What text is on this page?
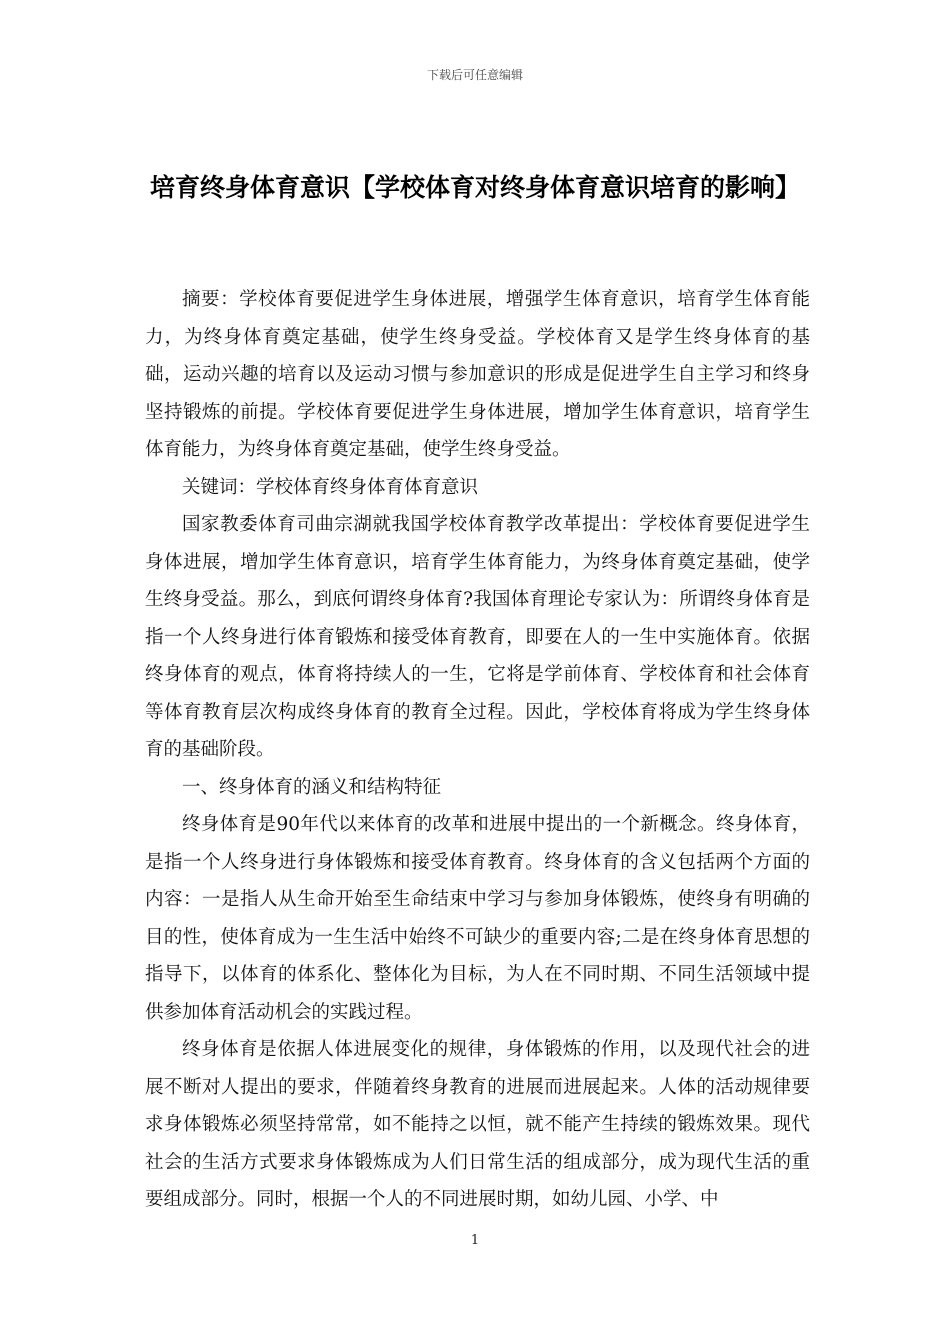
下载后可任意编辑
培育终身体育意识【学校体育对终身体育意识培育的影响】

摘要：学校体育要促进学生身体进展，增强学生体育意识，培育学生体育能力，为终身体育奠定基础，使学生终身受益。学校体育又是学生终身体育的基础，运动兴趣的培育以及运动习惯与参加意识的形成是促进学生自主学习和终身坚持锻炼的前提。学校体育要促进学生身体进展，增加学生体育意识，培育学生体育能力，为终身体育奠定基础，使学生终身受益。

关键词：学校体育终身体育体育意识

国家教委体育司曲宗湖就我国学校体育教学改革提出：学校体育要促进学生身体进展，增加学生体育意识，培育学生体育能力，为终身体育奠定基础，使学生终身受益。那么，到底何谓终身体育?我国体育理论专家认为：所谓终身体育是指一个人终身进行体育锻炼和接受体育教育，即要在人的一生中实施体育。依据终身体育的观点，体育将持续人的一生，它将是学前体育、学校体育和社会体育等体育教育层次构成终身体育的教育全过程。因此，学校体育将成为学生终身体育的基础阶段。

一、终身体育的涵义和结构特征

终身体育是90年代以来体育的改革和进展中提出的一个新概念。终身体育，是指一个人终身进行身体锻炼和接受体育教育。终身体育的含义包括两个方面的内容：一是指人从生命开始至生命结束中学习与参加身体锻炼，使终身有明确的目的性，使体育成为一生生活中始终不可缺少的重要内容;二是在终身体育思想的指导下，以体育的体系化、整体化为目标，为人在不同时期、不同生活领域中提供参加体育活动机会的实践过程。

终身体育是依据人体进展变化的规律，身体锻炼的作用，以及现代社会的进展不断对人提出的要求，伴随着终身教育的进展而进展起来。人体的活动规律要求身体锻炼必须坚持常常，如不能持之以恒，就不能产生持续的锻炼效果。现代社会的生活方式要求身体锻炼成为人们日常生活的组成部分，成为现代生活的重要组成部分。同时，根据一个人的不同进展时期，如幼儿园、小学、中

1
